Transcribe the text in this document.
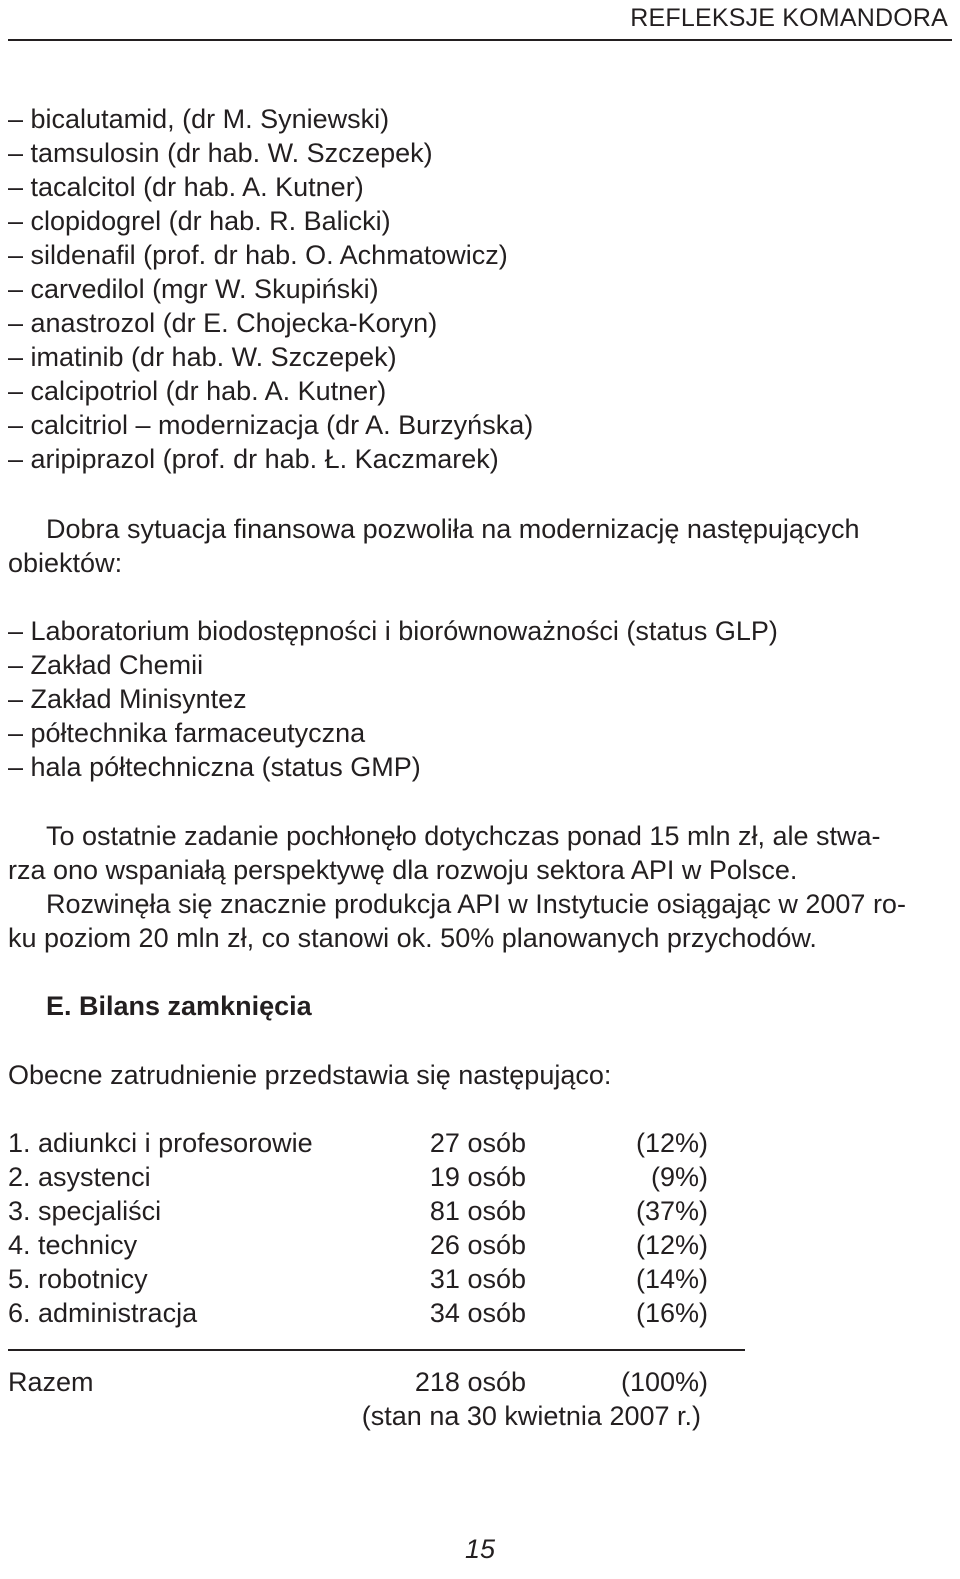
REFLEKSJE KOMANDORA
– bicalutamid, (dr M. Syniewski)
– tamsulosin (dr hab. W. Szczepek)
– tacalcitol (dr hab. A. Kutner)
– clopidogrel (dr hab. R. Balicki)
– sildenafil (prof. dr hab. O. Achmatowicz)
– carvedilol (mgr W. Skupiński)
– anastrozol (dr E. Chojecka-Koryn)
– imatinib (dr hab. W. Szczepek)
– calcipotriol (dr hab. A. Kutner)
– calcitriol – modernizacja (dr A. Burzyńska)
– aripiprazol (prof. dr hab. Ł. Kaczmarek)
Dobra sytuacja finansowa pozwoliła na modernizację następujących
obiektów:
– Laboratorium biodostępności i biorównoważności (status GLP)
– Zakład Chemii
– Zakład Minisyntez
– półtechnika farmaceutyczna
– hala półtechniczna (status GMP)
To ostatnie zadanie pochłonęło dotychczas ponad 15 mln zł, ale stwa-
rza ono wspaniałą perspektywę dla rozwoju sektora API w Polsce.
Rozwinęła się znacznie produkcja API w Instytucie osiągając w 2007 ro-
ku poziom 20 mln zł, co stanowi ok. 50% planowanych przychodów.
E. Bilans zamknięcia
Obecne zatrudnienie przedstawia się następująco:
1. adiunkci i profesorowie	27 osób	(12%)
2. asystenci	19 osób	(9%)
3. specjaliści	81 osób	(37%)
4. technicy	26 osób	(12%)
5. robotnicy	31 osób	(14%)
6. administracja	34 osób	(16%)
Razem	218 osób	(100%)
(stan na 30 kwietnia 2007 r.)
15
